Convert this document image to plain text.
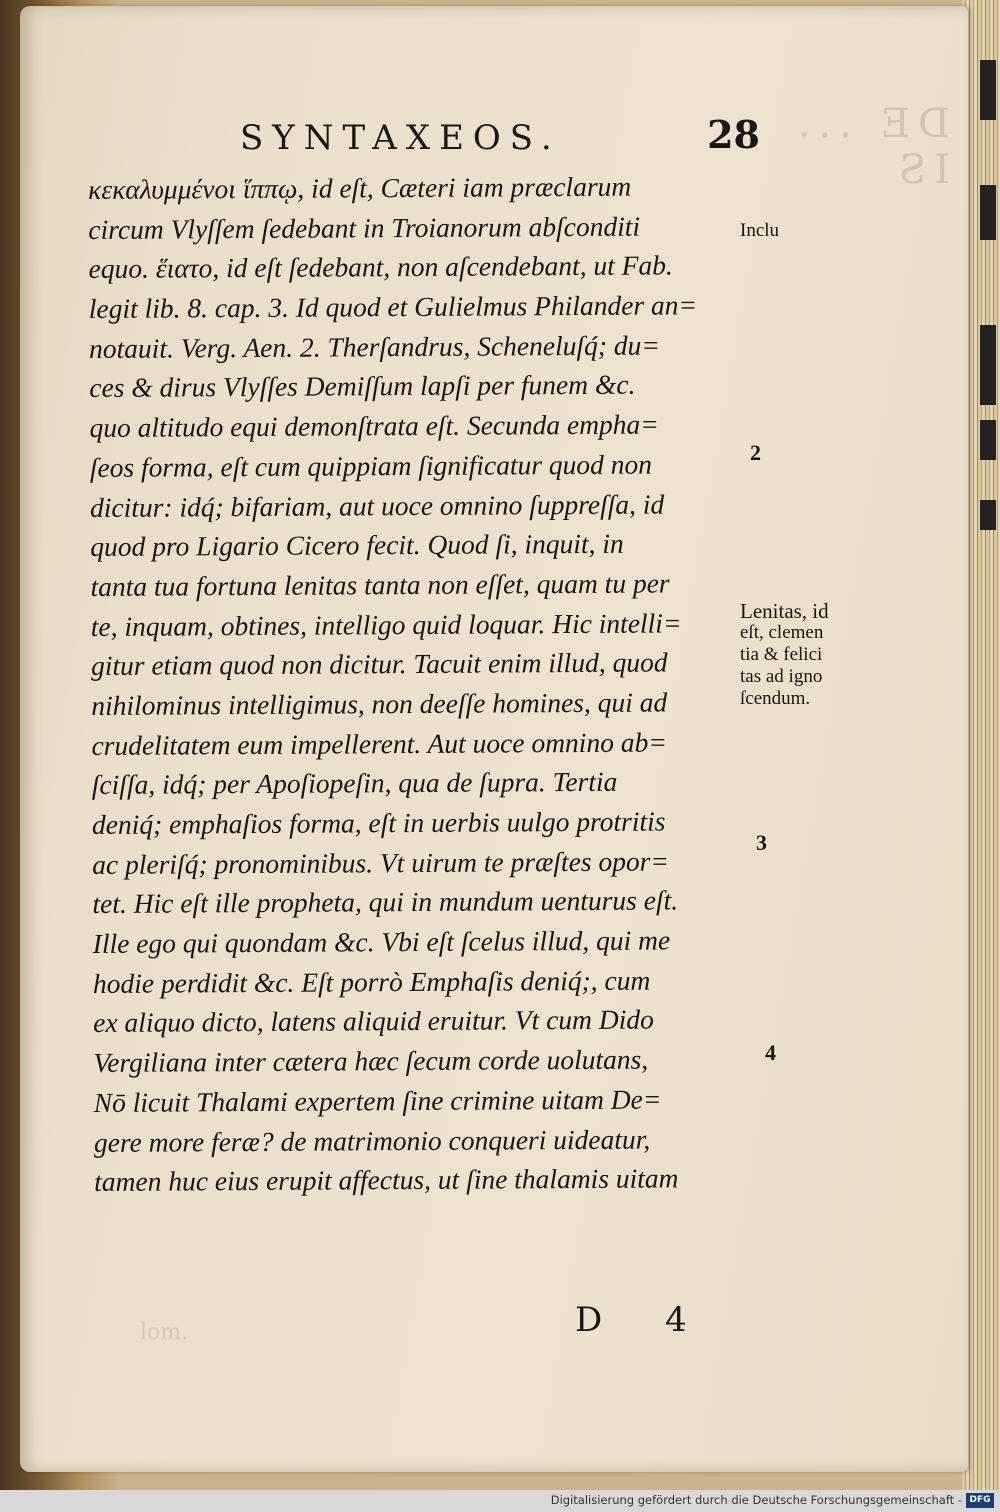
DE ... IS
SYNTAXEOS.	28
κεκαλυμμένοι ἵππῳ, id eſt, Cæteri iam præclarum
circum Vlyſſem ſedebant in Troianorum abſconditi
equo. ἕιατο, id eſt ſedebant, non aſcendebant, ut Fab.
legit lib. 8. cap. 3. Id quod et Gulielmus Philander an=
notauit. Verg. Aen. 2. Therſandrus, Scheneluſq́; du=
ces & dirus Vlyſſes Demiſſum lapſi per funem &c.
quo altitudo equi demonſtrata eſt. Secunda empha=
ſeos forma, eſt cum quippiam ſignificatur quod non
dicitur: idq́; bifariam, aut uoce omnino ſuppreſſa, id
quod pro Ligario Cicero fecit. Quod ſi, inquit, in
tanta tua fortuna lenitas tanta non eſſet, quam tu per
te, inquam, obtines, intelligo quid loquar. Hic intelli=
gitur etiam quod non dicitur. Tacuit enim illud, quod
nihilominus intelligimus, non deeſſe homines, qui ad
crudelitatem eum impellerent. Aut uoce omnino ab=
ſciſſa, idq́; per Apoſiopeſin, qua de ſupra. Tertia
deniq́; emphaſios forma, eſt in uerbis uulgo protritis
ac pleriſq́; pronominibus. Vt uirum te præſtes opor=
tet. Hic eſt ille propheta, qui in mundum uenturus eſt.
Ille ego qui quondam &c. Vbi eſt ſcelus illud, qui me
hodie perdidit &c. Eſt porrò Emphaſis deniq́;, cum
ex aliquo dicto, latens aliquid eruitur. Vt cum Dido
Vergiliana inter cætera hæc ſecum corde uolutans,
Nō licuit Thalami expertem ſine crimine uitam De=
gere more feræ? de matrimonio conqueri uideatur,
tamen huc eius erupit affectus, ut ſine thalamis uitam
Inclu
2
3
4
Lenitas, id
eſt, clemen
tia & felici
tas ad igno
ſcendum.
D 4
lom.
Digitalisierung gefördert durch die Deutsche Forschungsgemeinschaft - DFG
